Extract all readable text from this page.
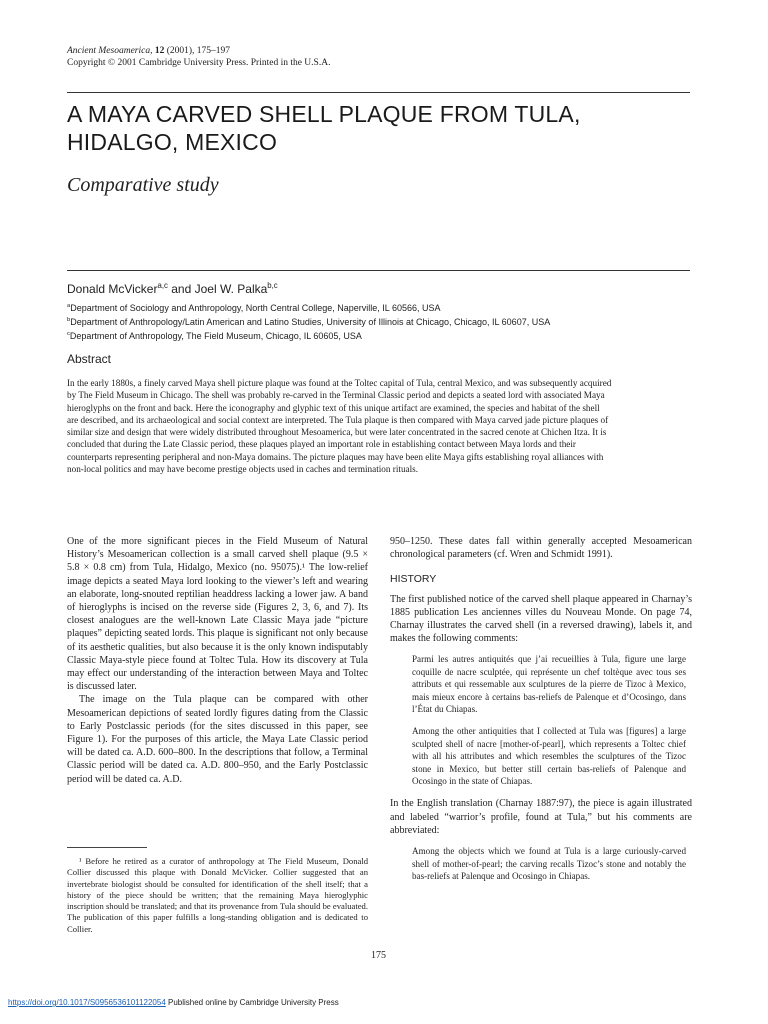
Ancient Mesoamerica, 12 (2001), 175–197
Copyright © 2001 Cambridge University Press. Printed in the U.S.A.
A MAYA CARVED SHELL PLAQUE FROM TULA, HIDALGO, MEXICO
Comparative study
Donald McVicker$^{a,c}$ and Joel W. Palka$^{b,c}$
$^a$Department of Sociology and Anthropology, North Central College, Naperville, IL 60566, USA
$^b$Department of Anthropology/Latin American and Latino Studies, University of Illinois at Chicago, Chicago, IL 60607, USA
$^c$Department of Anthropology, The Field Museum, Chicago, IL 60605, USA
Abstract
In the early 1880s, a finely carved Maya shell picture plaque was found at the Toltec capital of Tula, central Mexico, and was subsequently acquired by The Field Museum in Chicago. The shell was probably re-carved in the Terminal Classic period and depicts a seated lord with associated Maya hieroglyphs on the front and back. Here the iconography and glyphic text of this unique artifact are examined, the species and habitat of the shell are described, and its archaeological and social context are interpreted. The Tula plaque is then compared with Maya carved jade picture plaques of similar size and design that were widely distributed throughout Mesoamerica, but were later concentrated in the sacred cenote at Chichen Itza. It is concluded that during the Late Classic period, these plaques played an important role in establishing contact between Maya lords and their counterparts representing peripheral and non-Maya domains. The picture plaques may have been elite Maya gifts establishing royal alliances with non-local politics and may have become prestige objects used in caches and termination rituals.

One of the more significant pieces in the Field Museum of Natural History’s Mesoamerican collection is a small carved shell plaque (9.5 × 5.8 × 0.8 cm) from Tula, Hidalgo, Mexico (no. 95075).¹ The low-relief image depicts a seated Maya lord looking to the viewer’s left and wearing an elaborate, long-snouted reptilian headdress lacking a lower jaw. A band of hieroglyphs is incised on the reverse side (Figures 2, 3, 6, and 7). Its closest analogues are the well-known Late Classic Maya jade “picture plaques” depicting seated lords. This plaque is significant not only because of its aesthetic qualities, but also because it is the only known indisputably Classic Maya-style piece found at Toltec Tula. How its discovery at Tula may effect our understanding of the interaction between Maya and Toltec is discussed later.

The image on the Tula plaque can be compared with other Mesoamerican depictions of seated lordly figures dating from the Classic to Early Postclassic periods (for the sites discussed in this paper, see Figure 1). For the purposes of this article, the Maya Late Classic period will be dated ca. A.D. 600–800. In the descriptions that follow, a Terminal Classic period will be dated ca. A.D. 800–950, and the Early Postclassic period will be dated ca. A.D.

950–1250. These dates fall within generally accepted Mesoamerican chronological parameters (cf. Wren and Schmidt 1991).

HISTORY

The first published notice of the carved shell plaque appeared in Charnay’s 1885 publication Les anciennes villes du Nouveau Monde. On page 74, Charnay illustrates the carved shell (in a reversed drawing), labels it, and makes the following comments:

Parmi les autres antiquités que j’ai recueillies à Tula, figure une large coquille de nacre sculptée, qui représente un chef toltèque avec tous ses attributs et qui ressemable aux sculptures de la pierre de Tizoc à Mexico, mais mieux encore à certains bas-reliefs de Palenque et d’Ocosingo, dans l’État du Chiapas.
Among the other antiquities that I collected at Tula was [figures] a large sculpted shell of nacre [mother-of-pearl], which represents a Toltec chief with all his attributes and which resembles the sculptures of the Tizoc stone in Mexico, but better still certain bas-reliefs of Palenque and Ocosingo in the state of Chiapas.

In the English translation (Charnay 1887:97), the piece is again illustrated and labeled “warrior’s profile, found at Tula,” but his comments are abbreviated:

Among the objects which we found at Tula is a large curiously-carved shell of mother-of-pearl; the carving recalls Tizoc’s stone and notably the bas-reliefs at Palenque and Ocosingo in Chiapas.
¹ Before he retired as a curator of anthropology at The Field Museum, Donald Collier discussed this plaque with Donald McVicker. Collier suggested that an invertebrate biologist should be consulted for identification of the shell itself; that a history of the piece should be written; that the remaining Maya hieroglyphic inscription should be translated; and that its provenance from Tula should be evaluated. The publication of this paper fulfills a long-standing obligation and is dedicated to Collier.
175
https://doi.org/10.1017/S0956536101122054 Published online by Cambridge University Press
